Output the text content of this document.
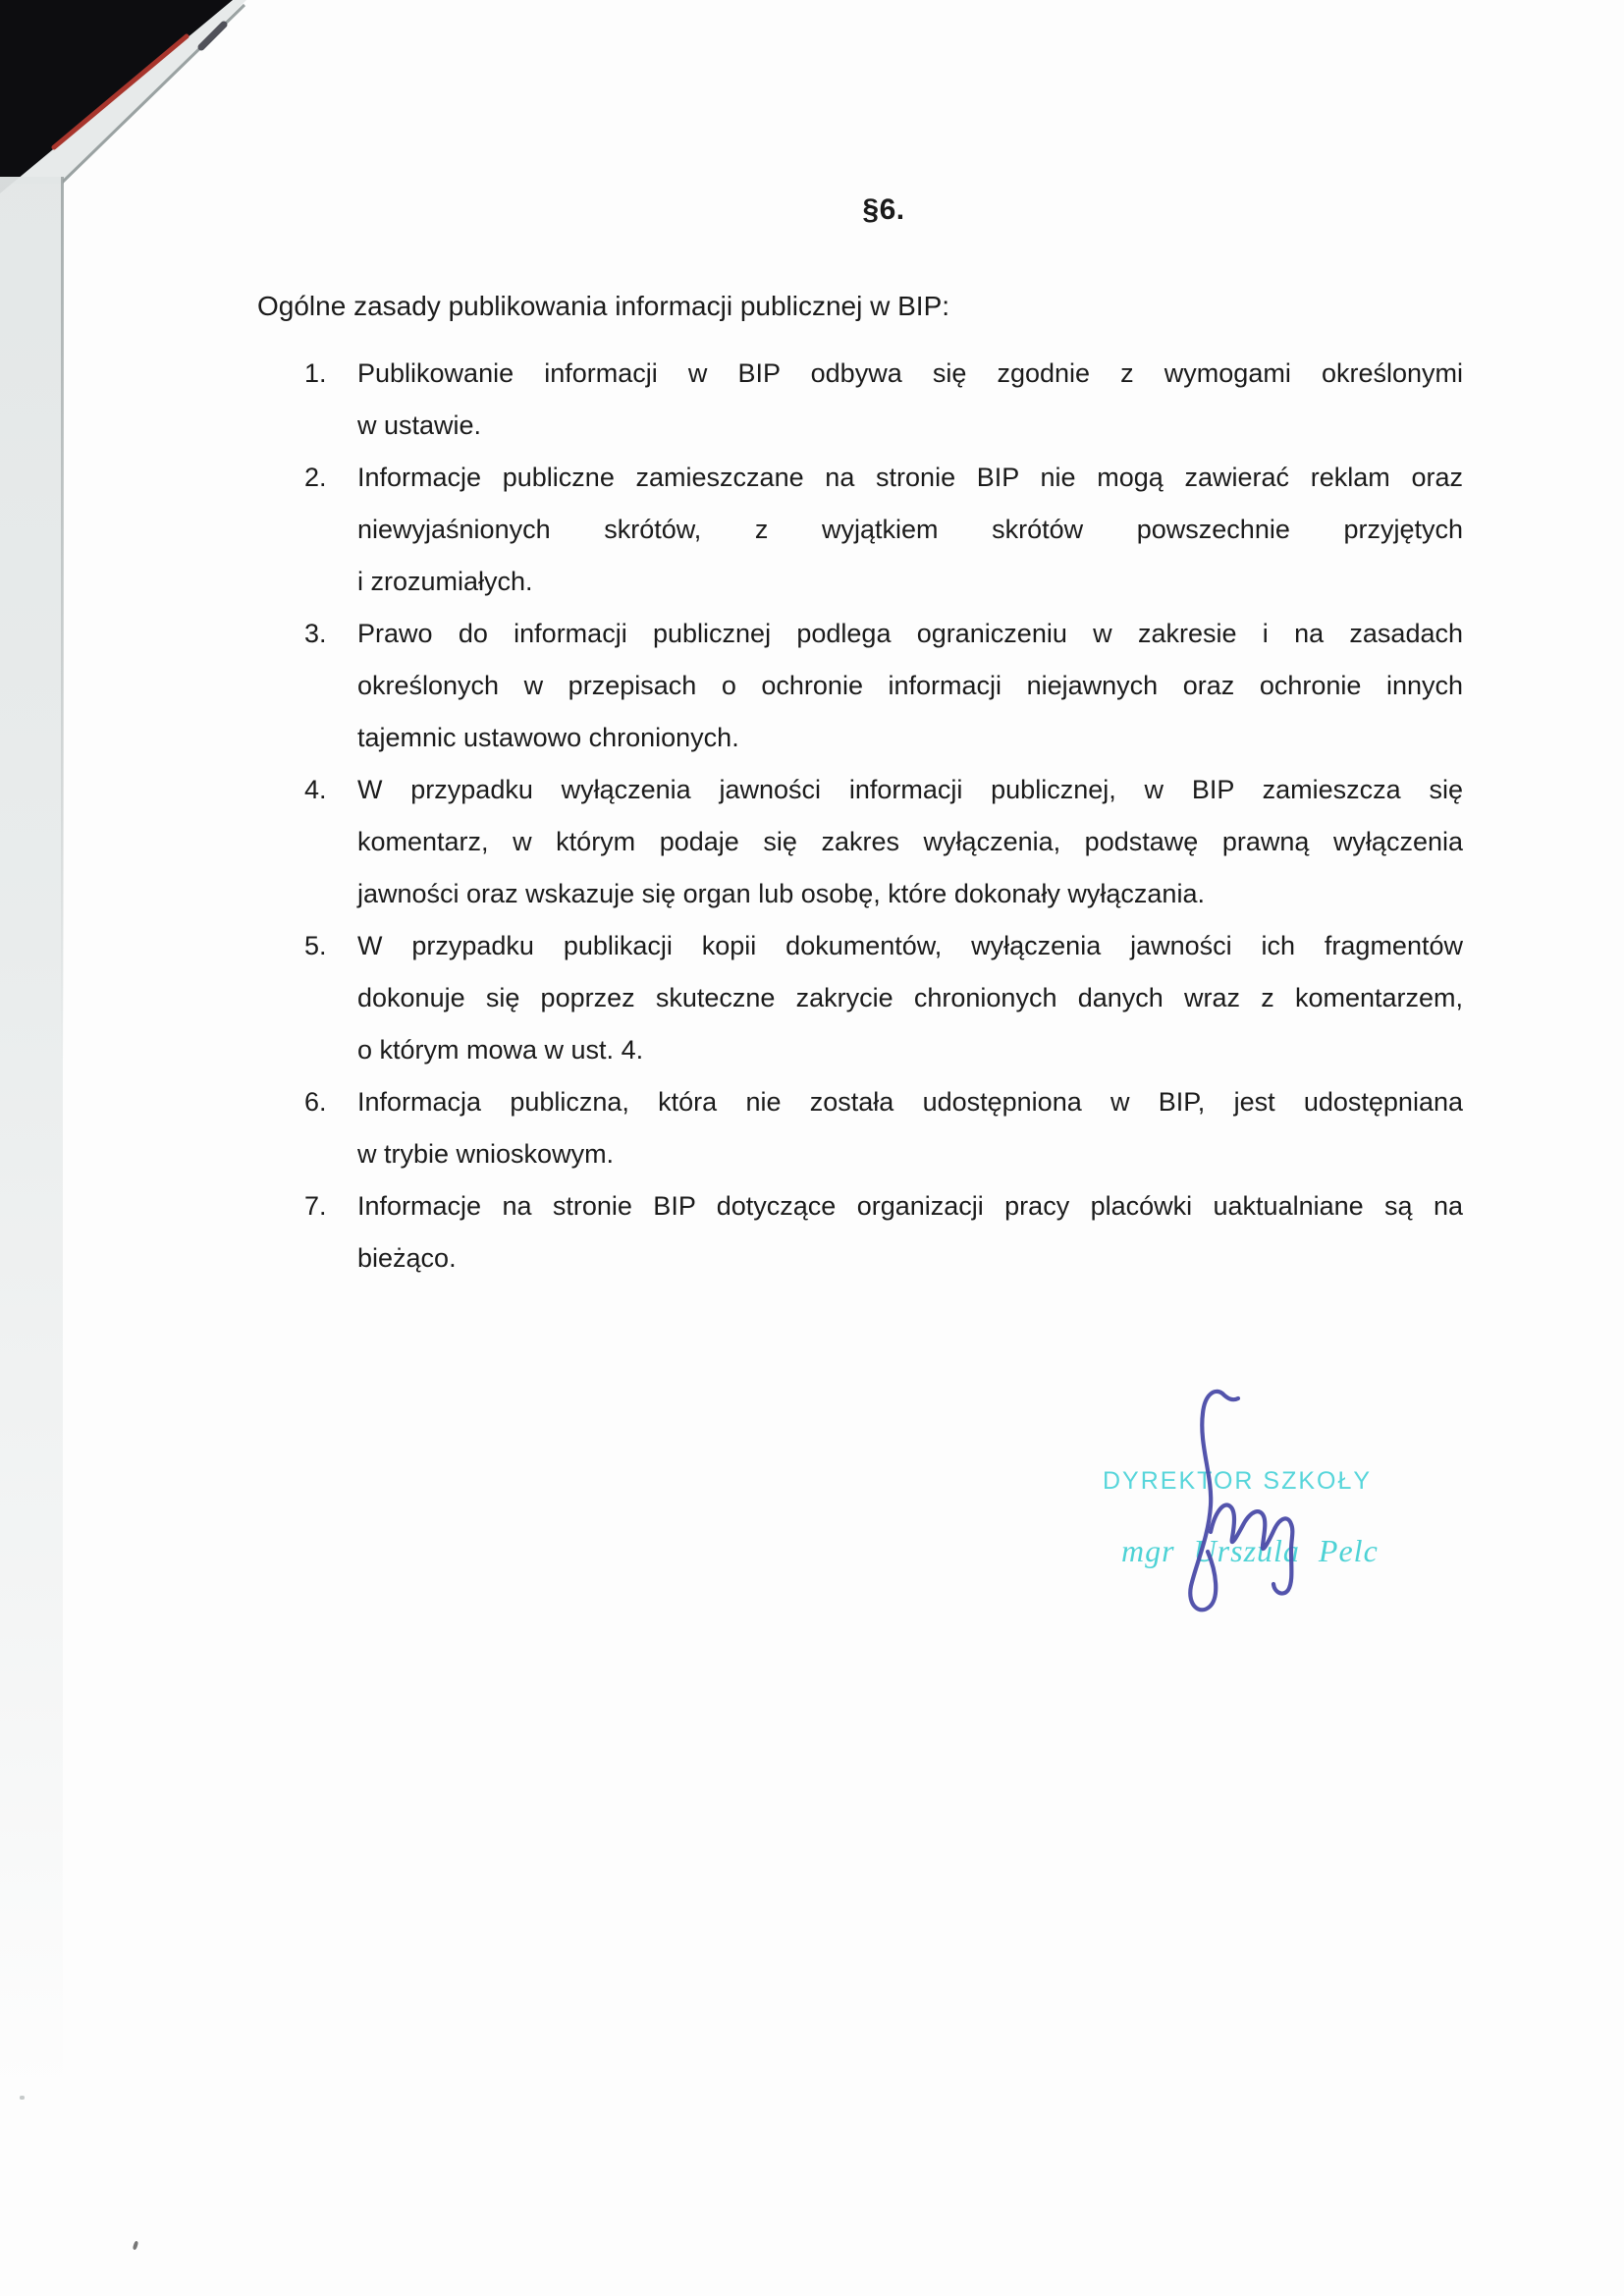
§6.
Ogólne zasady publikowania informacji publicznej w BIP:
1.	Publikowanie informacji w BIP odbywa się zgodnie z wymogami określonymi
w ustawie.
2.	Informacje publiczne zamieszczane na stronie BIP nie mogą zawierać reklam oraz
niewyjaśnionych skrótów, z wyjątkiem skrótów powszechnie przyjętych
i zrozumiałych.
3.	Prawo do informacji publicznej podlega ograniczeniu w zakresie i na zasadach
określonych w przepisach o ochronie informacji niejawnych oraz ochronie innych
tajemnic ustawowo chronionych.
4.	W przypadku wyłączenia jawności informacji publicznej, w BIP zamieszcza się
komentarz, w którym podaje się zakres wyłączenia, podstawę prawną wyłączenia
jawności oraz wskazuje się organ lub osobę, które dokonały wyłączania.
5.	W przypadku publikacji kopii dokumentów, wyłączenia jawności ich fragmentów
dokonuje się poprzez skuteczne zakrycie chronionych danych wraz z komentarzem,
o którym mowa w ust. 4.
6.	Informacja publiczna, która nie została udostępniona w BIP, jest udostępniana
w trybie wnioskowym.
7.	Informacje na stronie BIP dotyczące organizacji pracy placówki uaktualniane są na
bieżąco.
DYREKTOR SZKOŁY
mgr Urszula Pelc
